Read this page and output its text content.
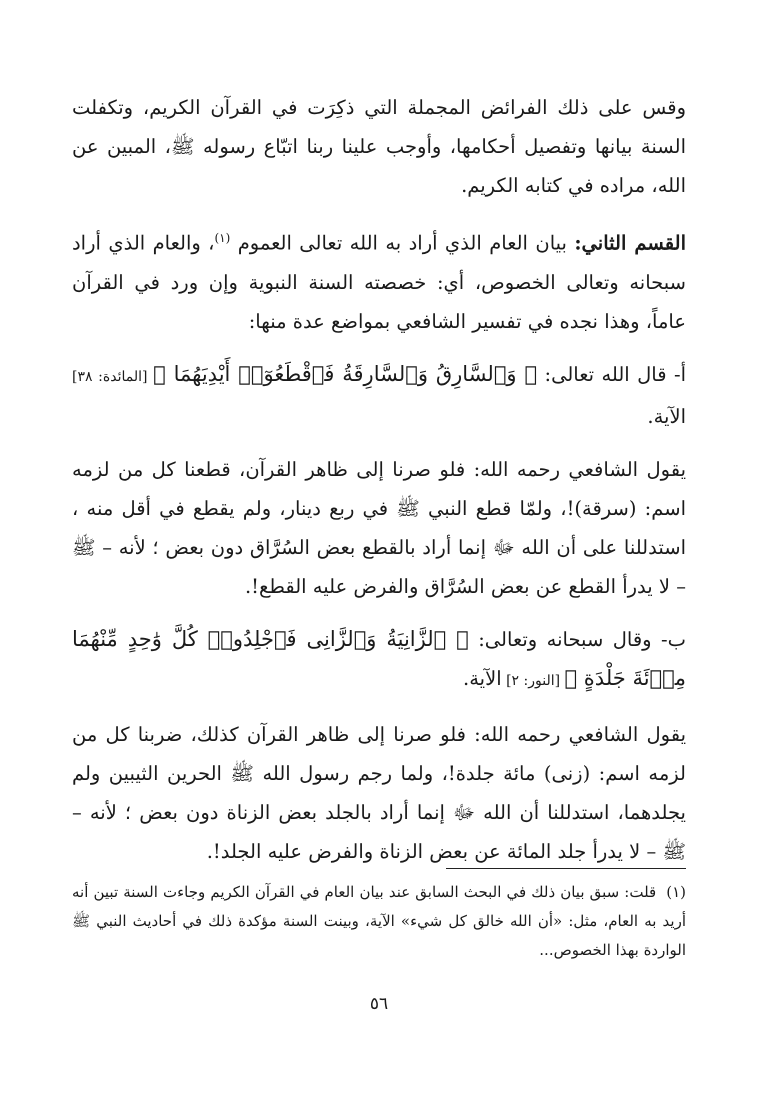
وقس على ذلك الفرائض المجملة التي ذكِرَت في القرآن الكريم، وتكفلت السنة بيانها وتفصيل أحكامها، وأوجب علينا ربنا اتبّاع رسوله ﷺ، المبين عن الله، مراده في كتابه الكريم.

القسم الثاني: بيان العام الذي أراد به الله تعالى العموم $^{(١)}$، والعام الذي أراد سبحانه وتعالى الخصوص، أي: خصصته السنة النبوية وإن ورد في القرآن عاماً، وهذا نجده في تفسير الشافعي بمواضع عدة منها:

أ- قال الله تعالى: ﴿ وَٱلسَّارِقُ وَٱلسَّارِقَةُ فَٱقْطَعُوٓا۟ أَيْدِيَهُمَا ﴾ [المائدة: ٣٨] الآية.

يقول الشافعي رحمه الله: فلو صرنا إلى ظاهر القرآن، قطعنا كل من لزمه اسم: (سرقة)!، ولمّا قطع النبي ﷺ في ربع دينار، ولم يقطع في أقل منه ، استدللنا على أن الله ﷻ إنما أراد بالقطع بعض السُرَّاق دون بعض ؛ لأنه – ﷺ – لا يدرأ القطع عن بعض السُرَّاق والفرض عليه القطع!.

ب- وقال سبحانه وتعالى: ﴿ ٱلزَّانِيَةُ وَٱلزَّانِى فَٱجْلِدُوا۟ كُلَّ وَٰحِدٍ مِّنْهُمَا مِا۟ئَةَ جَلْدَةٍ ﴾ [النور: ٢] الآية.

يقول الشافعي رحمه الله: فلو صرنا إلى ظاهر القرآن كذلك، ضربنا كل من لزمه اسم: (زنى) مائة جلدة!، ولما رجم رسول الله ﷺ الحرين الثيبين ولم يجلدهما، استدللنا أن الله ﷻ إنما أراد بالجلد بعض الزناة دون بعض ؛ لأنه – ﷺ – لا يدرأ جلد المائة عن بعض الزناة والفرض عليه الجلد!.

(١)قلت: سبق بيان ذلك في البحث السابق عند بيان العام في القرآن الكريم وجاءت السنة تبين أنه أريد به العام، مثل: «أن الله خالق كل شيء» الآية، وبينت السنة مؤكدة ذلك في أحاديث النبي ﷺ الواردة بهذا الخصوص...
٥٦
